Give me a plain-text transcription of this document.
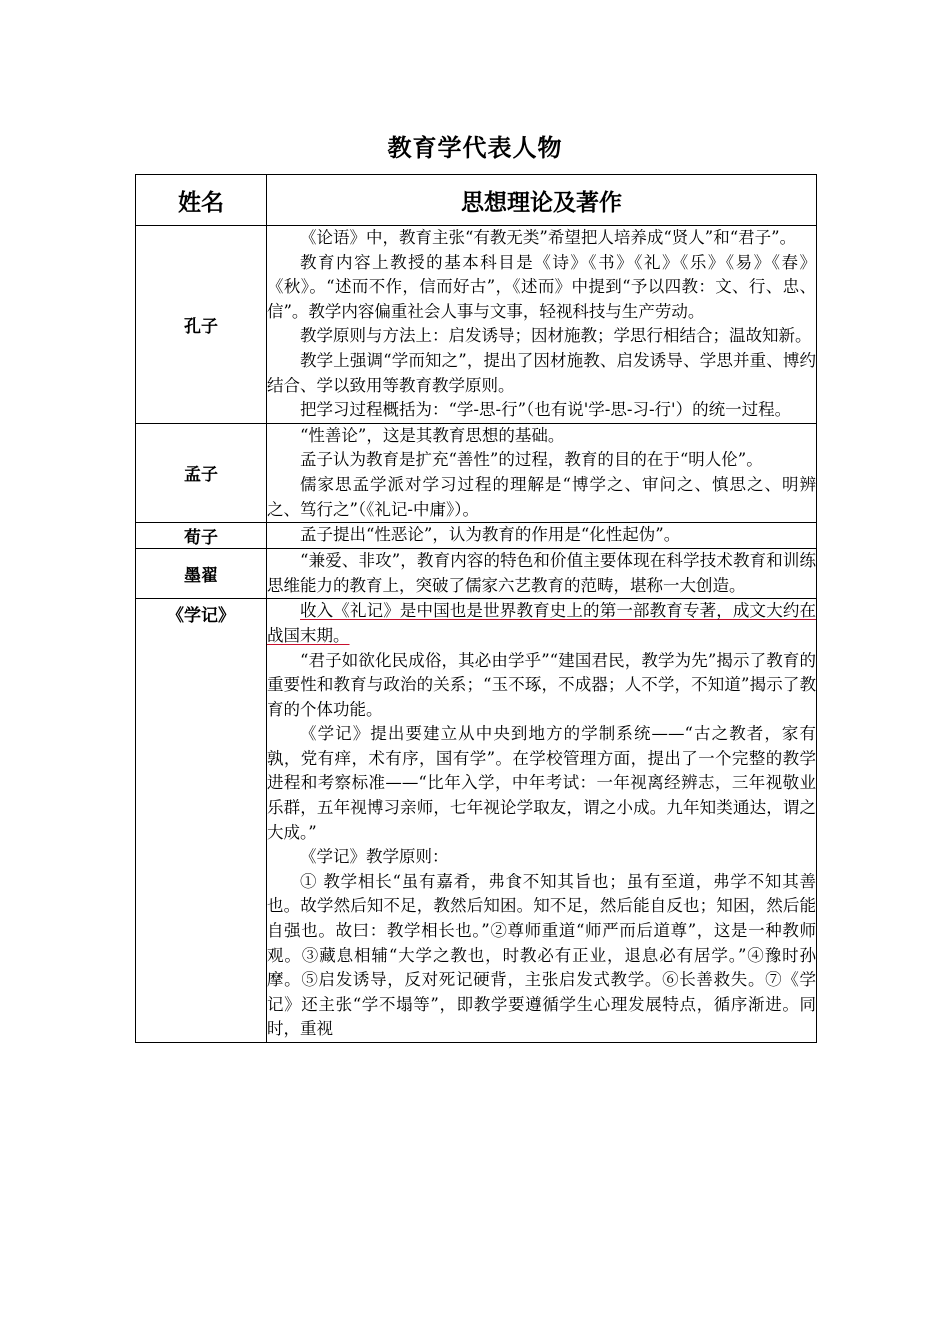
教育学代表人物
姓名	思想理论及著作
孔子	《论语》中，教育主张“有教无类”希望把人培养成“贤人”和“君子”。

教育内容上教授的基本科目是《诗》《书》《礼》《乐》《易》《春》《秋》。“述而不作，信而好古”，《述而》中提到“予以四教：文、行、忠、信”。教学内容偏重社会人事与文事，轻视科技与生产劳动。

教学原则与方法上：启发诱导；因材施教；学思行相结合；温故知新。

教学上强调“学而知之”，提出了因材施教、启发诱导、学思并重、博约结合、学以致用等教育教学原则。

把学习过程概括为：“学-思-行”（也有说'学-思-习-行'）的统一过程。

孟子	“性善论”，这是其教育思想的基础。

孟子认为教育是扩充“善性”的过程，教育的目的在于“明人伦”。

儒家思孟学派对学习过程的理解是“博学之、审问之、慎思之、明辨之、笃行之”（《礼记-中庸》）。

荀子	孟子提出“性恶论”，认为教育的作用是“化性起伪”。

墨翟	“兼爱、非攻”，教育内容的特色和价值主要体现在科学技术教育和训练思维能力的教育上，突破了儒家六艺教育的范畴，堪称一大创造。

《学记》	收入《礼记》是中国也是世界教育史上的第一部教育专著，成文大约在战国末期。

“君子如欲化民成俗，其必由学乎”“建国君民，教学为先”揭示了教育的重要性和教育与政治的关系；“玉不琢，不成器；人不学，不知道”揭示了教育的个体功能。

《学记》提出要建立从中央到地方的学制系统——“古之教者，家有孰，党有痒，术有序，国有学”。在学校管理方面，提出了一个完整的教学进程和考察标准——“比年入学，中年考试：一年视离经辨志，三年视敬业乐群，五年视博习亲师，七年视论学取友，谓之小成。九年知类通达，谓之大成。”

《学记》教学原则：

① 教学相长“虽有嘉肴，弗食不知其旨也；虽有至道，弗学不知其善也。故学然后知不足，教然后知困。知不足，然后能自反也；知困，然后能自强也。故曰：教学相长也。”②尊师重道“师严而后道尊”，这是一种教师观。③藏息相辅“大学之教也，时教必有正业，退息必有居学。”④豫时孙摩。⑤启发诱导，反对死记硬背，主张启发式教学。⑥长善救失。⑦《学记》还主张“学不塌等”，即教学要遵循学生心理发展特点，循序渐进。同时，重视
